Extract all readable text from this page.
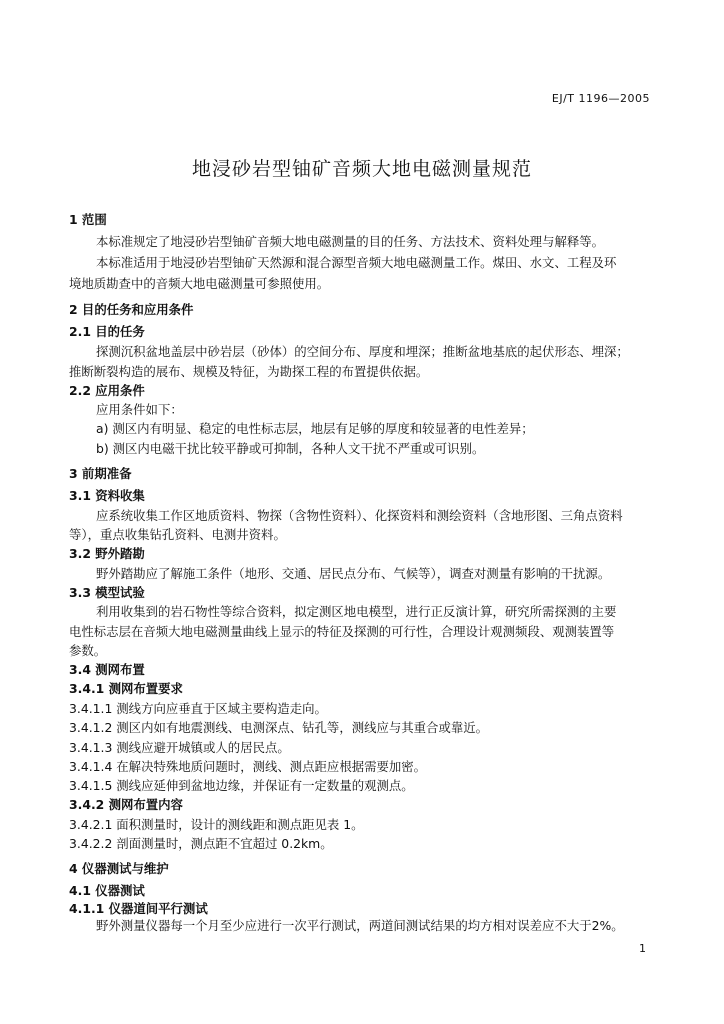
EJ/T 1196—2005
地浸砂岩型铀矿音频大地电磁测量规范
1 范围
本标准规定了地浸砂岩型铀矿音频大地电磁测量的目的任务、方法技术、资料处理与解释等。
本标准适用于地浸砂岩型铀矿天然源和混合源型音频大地电磁测量工作。煤田、水文、工程及环
境地质勘查中的音频大地电磁测量可参照使用。
2 目的任务和应用条件
2.1 目的任务
探测沉积盆地盖层中砂岩层（砂体）的空间分布、厚度和埋深；推断盆地基底的起伏形态、埋深；
推断断裂构造的展布、规模及特征，为勘探工程的布置提供依据。
2.2 应用条件
应用条件如下：
a) 测区内有明显、稳定的电性标志层，地层有足够的厚度和较显著的电性差异；
b) 测区内电磁干扰比较平静或可抑制，各种人文干扰不严重或可识别。
3 前期准备
3.1 资料收集
应系统收集工作区地质资料、物探（含物性资料）、化探资料和测绘资料（含地形图、三角点资料
等），重点收集钻孔资料、电测井资料。
3.2 野外踏勘
野外踏勘应了解施工条件（地形、交通、居民点分布、气候等），调查对测量有影响的干扰源。
3.3 模型试验
利用收集到的岩石物性等综合资料，拟定测区地电模型，进行正反演计算，研究所需探测的主要
电性标志层在音频大地电磁测量曲线上显示的特征及探测的可行性，合理设计观测频段、观测装置等
参数。
3.4 测网布置
3.4.1 测网布置要求
3.4.1.1 测线方向应垂直于区域主要构造走向。
3.4.1.2 测区内如有地震测线、电测深点、钻孔等，测线应与其重合或靠近。
3.4.1.3 测线应避开城镇或人的居民点。
3.4.1.4 在解决特殊地质问题时，测线、测点距应根据需要加密。
3.4.1.5 测线应延伸到盆地边缘，并保证有一定数量的观测点。
3.4.2 测网布置内容
3.4.2.1 面积测量时，设计的测线距和测点距见表 1。
3.4.2.2 剖面测量时，测点距不宜超过 0.2km。
4 仪器测试与维护
4.1 仪器测试
4.1.1 仪器道间平行测试
野外测量仪器每一个月至少应进行一次平行测试，两道间测试结果的均方相对误差应不大于2%。
1
